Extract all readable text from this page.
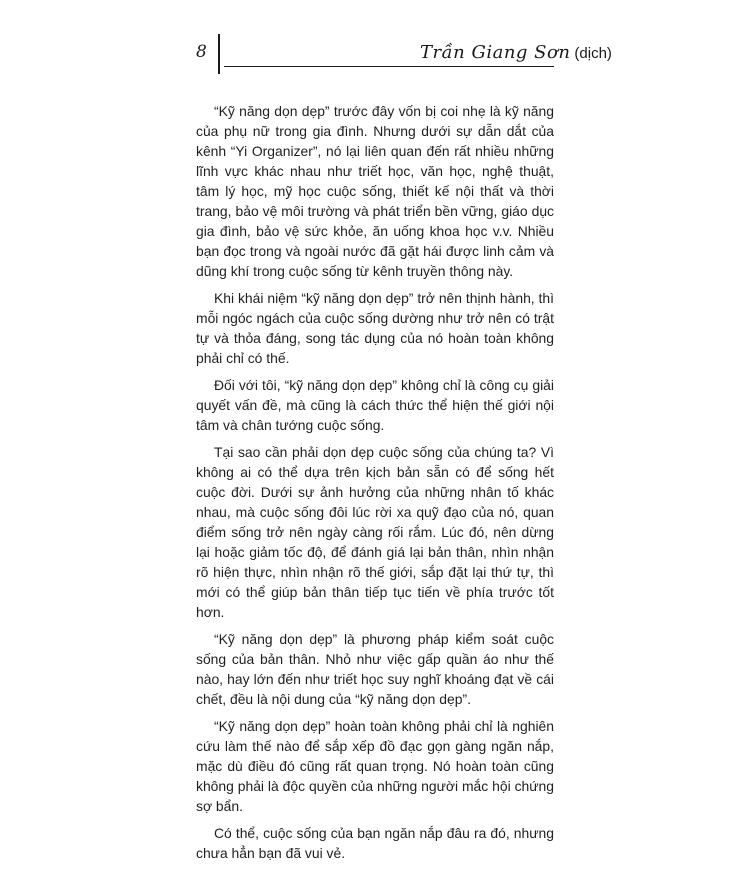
8	Trần Giang Sơn (dịch)

“Kỹ năng dọn dẹp” trước đây vốn bị coi nhẹ là kỹ năng của phụ nữ trong gia đình. Nhưng dưới sự dẫn dắt của kênh “Yi Organizer”, nó lại liên quan đến rất nhiều những lĩnh vực khác nhau như triết học, văn học, nghệ thuật, tâm lý học, mỹ học cuộc sống, thiết kế nội thất và thời trang, bảo vệ môi trường và phát triển bền vững, giáo dục gia đình, bảo vệ sức khỏe, ăn uống khoa học v.v. Nhiều bạn đọc trong và ngoài nước đã gặt hái được linh cảm và dũng khí trong cuộc sống từ kênh truyền thông này.

Khi khái niệm “kỹ năng dọn dẹp” trở nên thịnh hành, thì mỗi ngóc ngách của cuộc sống dường như trở nên có trật tự và thỏa đáng, song tác dụng của nó hoàn toàn không phải chỉ có thế.

Đối với tôi, “kỹ năng dọn dẹp” không chỉ là công cụ giải quyết vấn đề, mà cũng là cách thức thể hiện thế giới nội tâm và chân tướng cuộc sống.

Tại sao cần phải dọn dẹp cuộc sống của chúng ta? Vì không ai có thể dựa trên kịch bản sẵn có để sống hết cuộc đời. Dưới sự ảnh hưởng của những nhân tố khác nhau, mà cuộc sống đôi lúc rời xa quỹ đạo của nó, quan điểm sống trở nên ngày càng rối rắm. Lúc đó, nên dừng lại hoặc giảm tốc độ, để đánh giá lại bản thân, nhìn nhận rõ hiện thực, nhìn nhận rõ thế giới, sắp đặt lại thứ tự, thì mới có thể giúp bản thân tiếp tục tiến về phía trước tốt hơn.

“Kỹ năng dọn dẹp” là phương pháp kiểm soát cuộc sống của bản thân. Nhỏ như việc gấp quần áo như thế nào, hay lớn đến như triết học suy nghĩ khoáng đạt về cái chết, đều là nội dung của “kỹ năng dọn dẹp”.

“Kỹ năng dọn dẹp” hoàn toàn không phải chỉ là nghiên cứu làm thế nào để sắp xếp đồ đạc gọn gàng ngăn nắp, mặc dù điều đó cũng rất quan trọng. Nó hoàn toàn cũng không phải là độc quyền của những người mắc hội chứng sợ bẩn.

Có thể, cuộc sống của bạn ngăn nắp đâu ra đó, nhưng chưa hẳn bạn đã vui vẻ.
